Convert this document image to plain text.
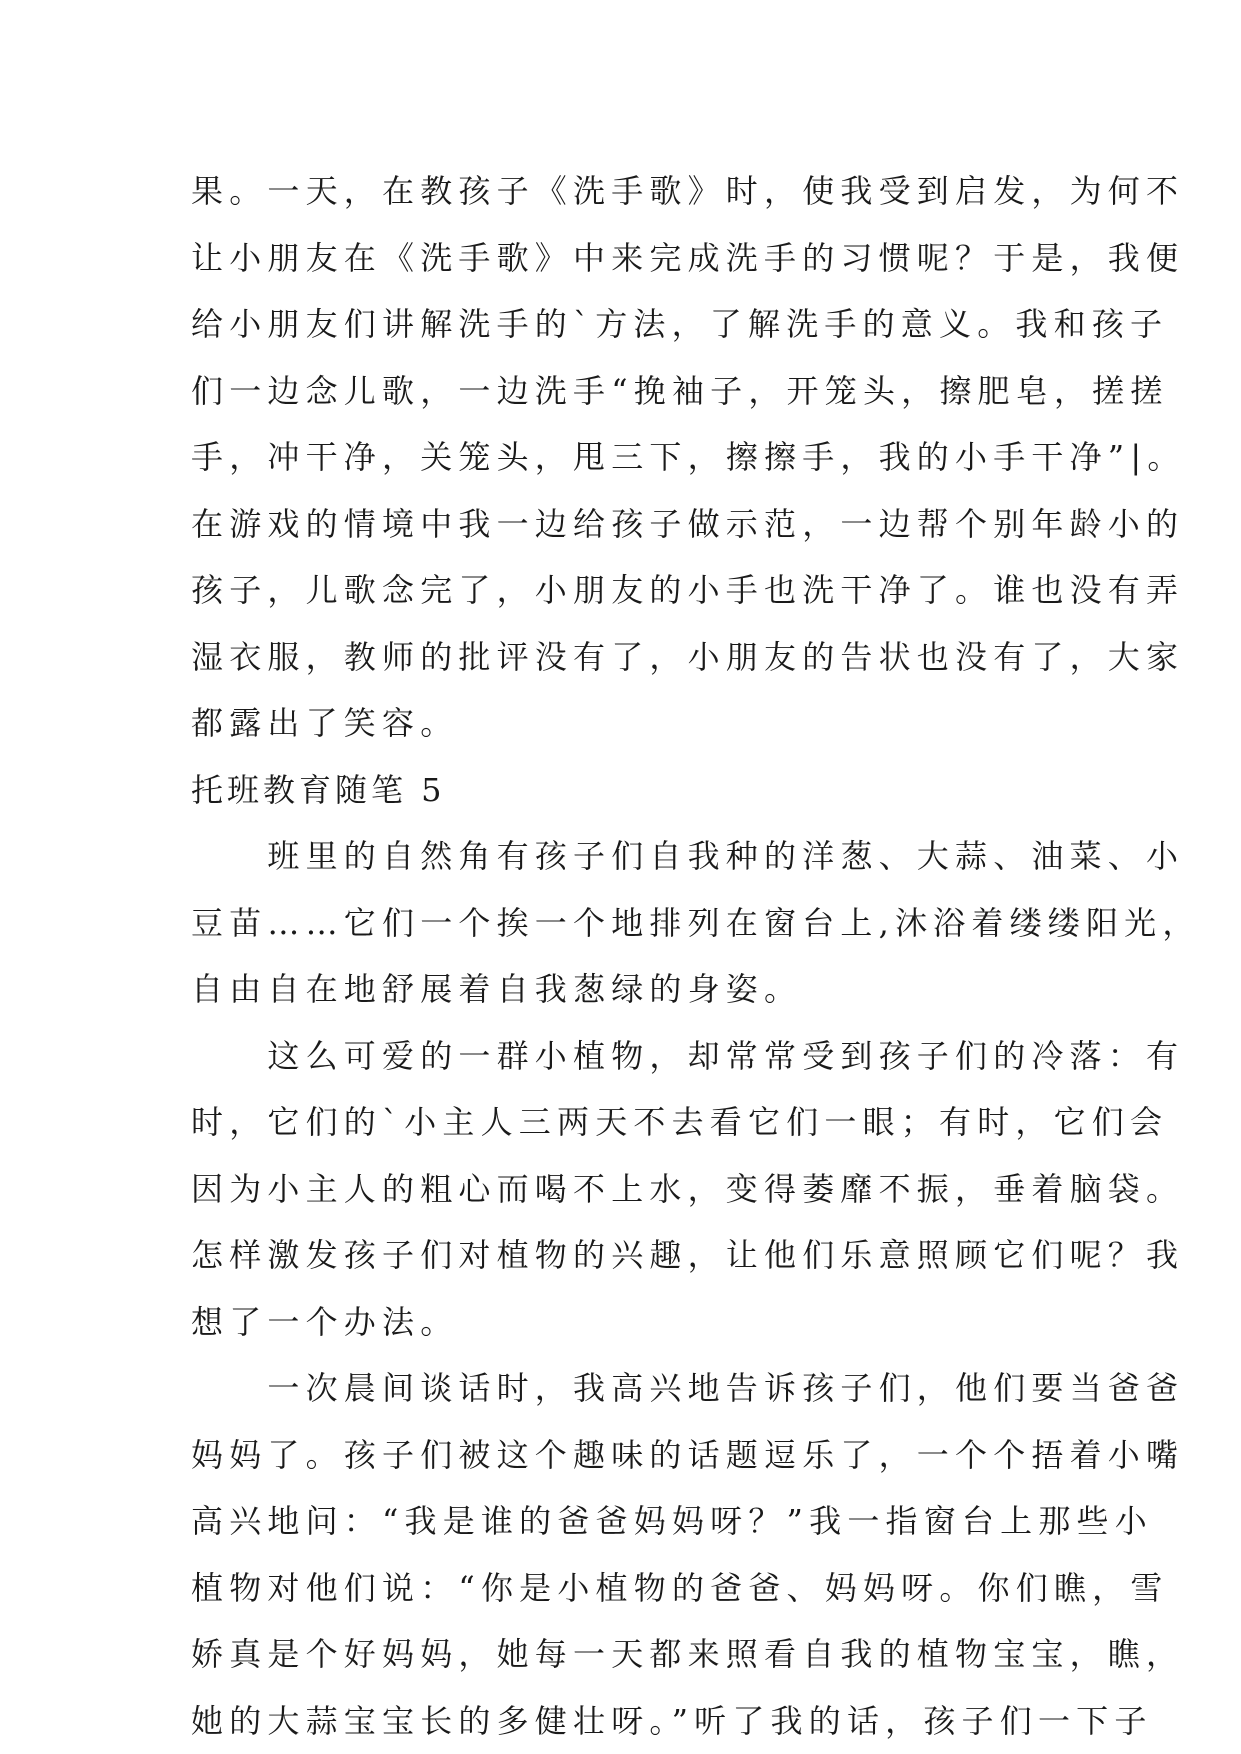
果。一天，在教孩子《洗手歌》时，使我受到启发，为何不
让小朋友在《洗手歌》中来完成洗手的习惯呢？于是，我便
给小朋友们讲解洗手的`方法，了解洗手的意义。我和孩子
们一边念儿歌，一边洗手“挽袖子，开笼头，擦肥皂，搓搓
手，冲干净，关笼头，甩三下，擦擦手，我的小手干净”|。
在游戏的情境中我一边给孩子做示范，一边帮个别年龄小的
孩子，儿歌念完了，小朋友的小手也洗干净了。谁也没有弄
湿衣服，教师的批评没有了，小朋友的告状也没有了，大家
都露出了笑容。
托班教育随笔 5
　　班里的自然角有孩子们自我种的洋葱、大蒜、油菜、小
豆苗……它们一个挨一个地排列在窗台上,沐浴着缕缕阳光，
自由自在地舒展着自我葱绿的身姿。
　　这么可爱的一群小植物，却常常受到孩子们的冷落：有
时，它们的`小主人三两天不去看它们一眼；有时，它们会
因为小主人的粗心而喝不上水，变得萎靡不振，垂着脑袋。
怎样激发孩子们对植物的兴趣，让他们乐意照顾它们呢？我
想了一个办法。
　　一次晨间谈话时，我高兴地告诉孩子们，他们要当爸爸
妈妈了。孩子们被这个趣味的话题逗乐了，一个个捂着小嘴
高兴地问：“我是谁的爸爸妈妈呀？”我一指窗台上那些小
植物对他们说：“你是小植物的爸爸、妈妈呀。你们瞧，雪
娇真是个好妈妈，她每一天都来照看自我的植物宝宝，瞧，
她的大蒜宝宝长的多健壮呀。”听了我的话，孩子们一下子
